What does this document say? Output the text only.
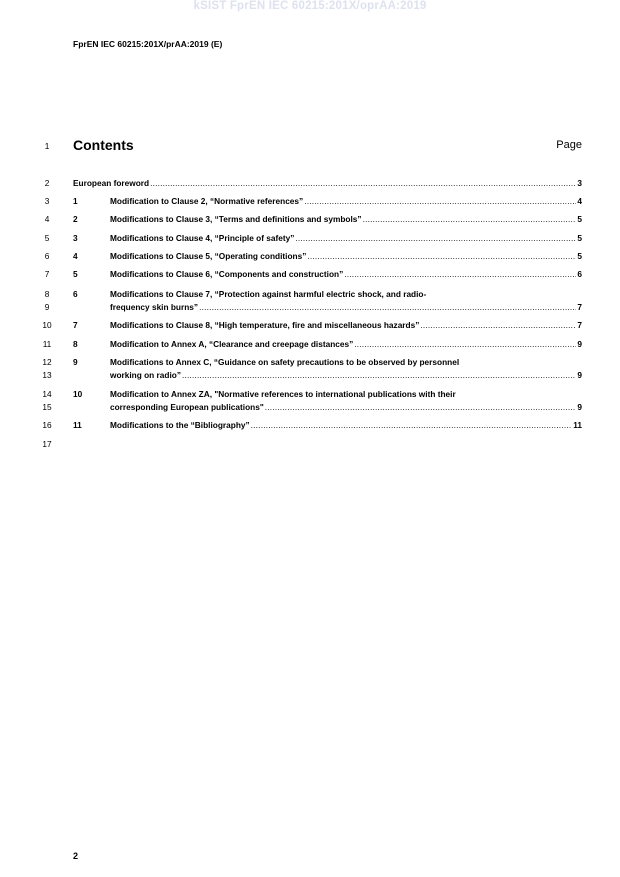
kSIST FprEN IEC 60215:201X/oprAA:2019
FprEN IEC 60215:201X/prAA:2019 (E)
1	Contents	Page
2
3
4
5
6
7
8
9
10
11
12
13
14
15
16
17
European foreword .....	3
1	Modification to Clause 2, “Normative references” .....	4
2	Modifications to Clause 3, “Terms and definitions and symbols” .....	5
3	Modifications to Clause 4, “Principle of safety” .....	5
4	Modifications to Clause 5, “Operating conditions” .....	5
5	Modifications to Clause 6, “Components and construction” .....	6
6	Modifications to Clause 7, “Protection against harmful electric shock, and radio-
frequency skin burns” .....	7
7	Modifications to Clause 8, “High temperature, fire and miscellaneous hazards” .....	7
8	Modification to Annex A, “Clearance and creepage distances” .....	9
9	Modifications to Annex C, “Guidance on safety precautions to be observed by personnel
working on radio” .....	9
10	Modification to Annex ZA, "Normative references to international publications with their
corresponding European publications" .....	9
11	Modifications to the “Bibliography” .....	11
2
